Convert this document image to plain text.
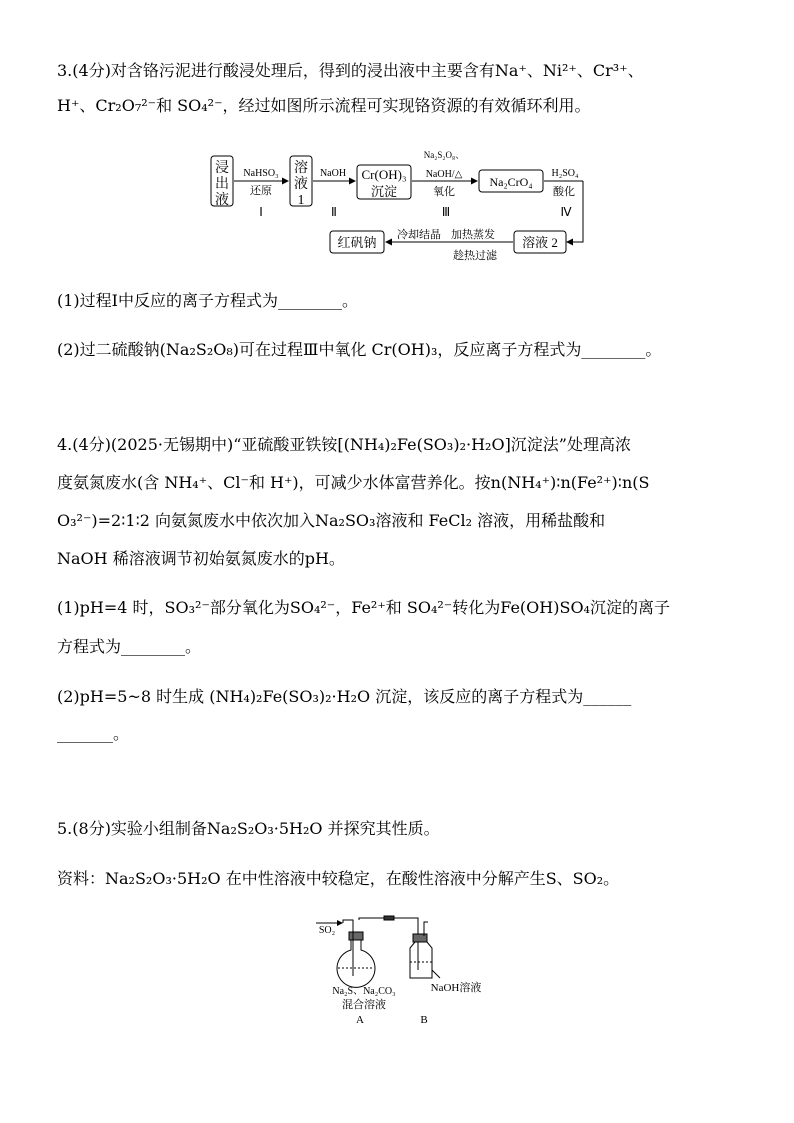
3.(4分)对含铬污泥进行酸浸处理后，得到的浸出液中主要含有Na⁺、Ni²⁺、Cr³⁺、
H⁺、Cr₂O₇²⁻和 SO₄²⁻，经过如图所示流程可实现铬资源的有效循环利用。
浸
出
液
溶
液
1
Cr(OH)₃
沉淀
Na₂CrO₄
溶液 2
红矾钠
NaHSO₃
还原
Ⅰ
NaOH
Ⅱ
Na₂S₂O₈、
NaOH/△
氧化
Ⅲ
H₂SO₄
酸化
Ⅳ
加热蒸发
趁热过滤
冷却结晶
(1)过程Ⅰ中反应的离子方程式为________。
(2)过二硫酸钠(Na₂S₂O₈)可在过程Ⅲ中氧化 Cr(OH)₃，反应离子方程式为________。
4.(4分)(2025·无锡期中)“亚硫酸亚铁铵[(NH₄)₂Fe(SO₃)₂·H₂O]沉淀法”处理高浓
度氨氮废水(含 NH₄⁺、Cl⁻和 H⁺)，可减少水体富营养化。按n(NH₄⁺)∶n(Fe²⁺)∶n(S
O₃²⁻)=2∶1∶2 向氨氮废水中依次加入Na₂SO₃溶液和 FeCl₂ 溶液，用稀盐酸和
NaOH 稀溶液调节初始氨氮废水的pH。
(1)pH=4 时，SO₃²⁻部分氧化为SO₄²⁻，Fe²⁺和 SO₄²⁻转化为Fe(OH)SO₄沉淀的离子
方程式为________。
(2)pH=5~8 时生成 (NH₄)₂Fe(SO₃)₂·H₂O 沉淀，该反应的离子方程式为______
_______。
5.(8分)实验小组制备Na₂S₂O₃·5H₂O 并探究其性质。
资料：Na₂S₂O₃·5H₂O 在中性溶液中较稳定，在酸性溶液中分解产生S、SO₂。
SO₂
Na₂S、Na₂CO₃
混合溶液
A
NaOH溶液
B
